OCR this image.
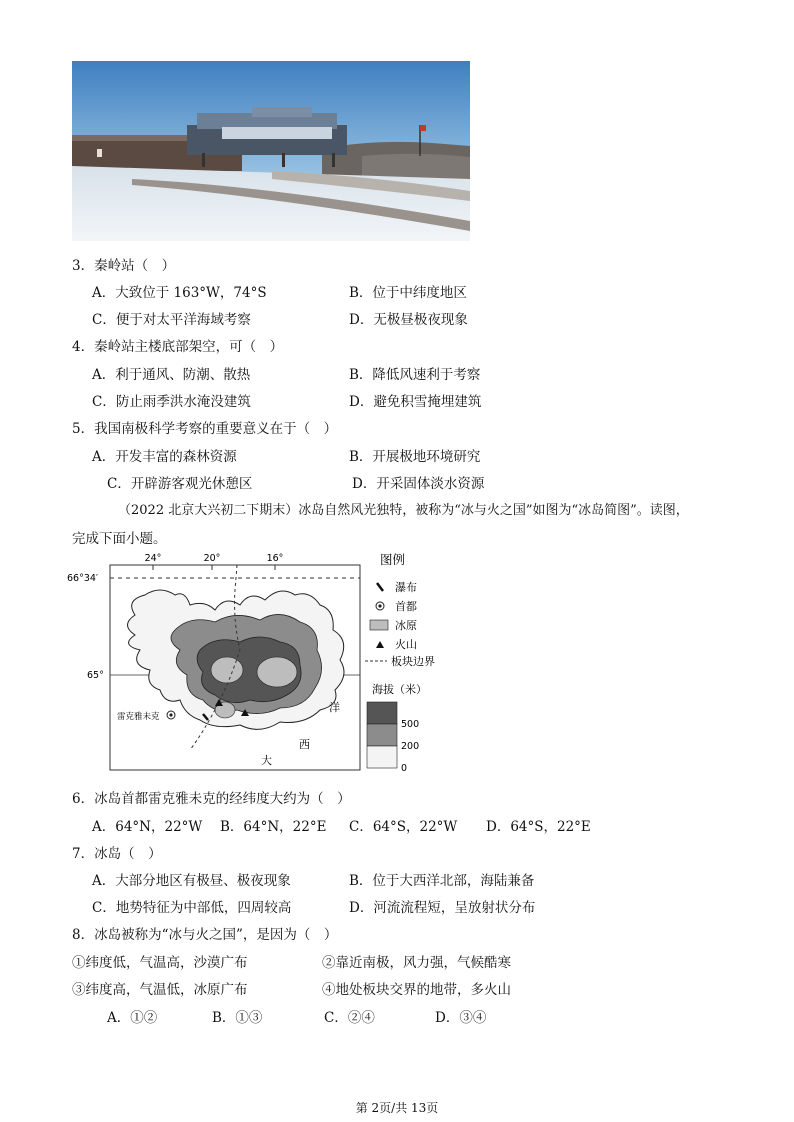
3．秦岭站（　）
A．大致位于 163°W，74°S	B．位于中纬度地区
C．便于对太平洋海域考察	D．无极昼极夜现象
4．秦岭站主楼底部架空，可（　）
A．利于通风、防潮、散热	B．降低风速利于考察
C．防止雨季洪水淹没建筑	D．避免积雪掩埋建筑
5．我国南极科学考察的重要意义在于（　）
A．开发丰富的森林资源	B．开展极地环境研究
C．开辟游客观光休憩区	D．开采固体淡水资源
（2022 北京大兴初二下期末）冰岛自然风光独特，被称为“冰与火之国”如图为“冰岛简图”。读图，
完成下面小题。
24°	20°	16°
66°34′
65°
雷克雅未克
洋
西
大
图例
瀑布
首都
冰原
火山
板块边界
海拔（米）
500
200
0
6．冰岛首都雷克雅未克的经纬度大约为（　）
A．64°N，22°W B．64°N，22°E C．64°S，22°W D．64°S，22°E
7．冰岛（　）
A．大部分地区有极昼、极夜现象	B．位于大西洋北部，海陆兼备
C．地势特征为中部低，四周较高	D．河流流程短，呈放射状分布
8．冰岛被称为“冰与火之国”，是因为（　）
①纬度低，气温高，沙漠广布	②靠近南极，风力强，气候酷寒
③纬度高，气温低，冰原广布	④地处板块交界的地带，多火山
A．①②	B．①③	C．②④	D．③④
第 2页/共 13页
